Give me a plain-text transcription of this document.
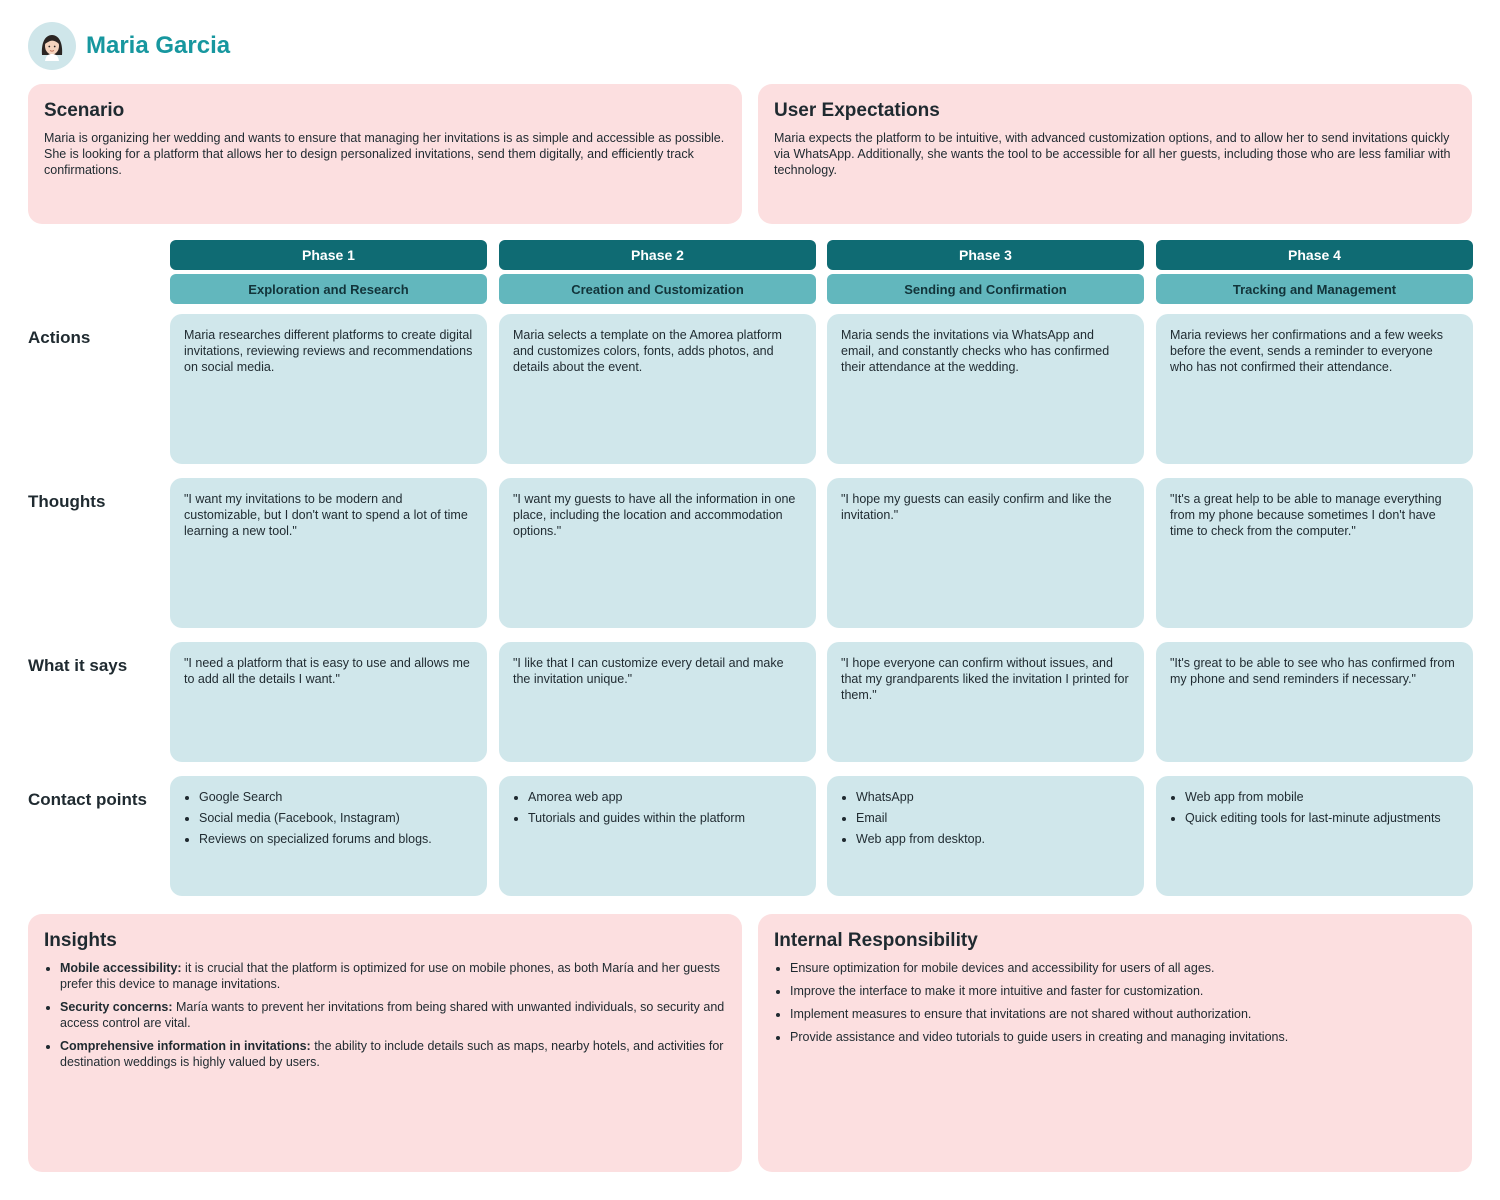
Maria Garcia
Scenario

Maria is organizing her wedding and wants to ensure that managing her invitations is as simple and accessible as possible. She is looking for a platform that allows her to design personalized invitations, send them digitally, and efficiently track confirmations.

User Expectations

Maria expects the platform to be intuitive, with advanced customization options, and to allow her to send invitations quickly via WhatsApp. Additionally, she wants the tool to be accessible for all her guests, including those who are less familiar with technology.

Phase 1	Phase 2	Phase 3	Phase 4
Exploration and Research	Creation and Customization	Sending and Confirmation	Tracking and Management
Actions	Maria researches different platforms to create digital invitations, reviewing reviews and recommendations on social media.
Maria selects a template on the Amorea platform and customizes colors, fonts, adds photos, and details about the event.
Maria sends the invitations via WhatsApp and email, and constantly checks who has confirmed their attendance at the wedding.
Maria reviews her confirmations and a few weeks before the event, sends a reminder to everyone who has not confirmed their attendance.
Thoughts	"I want my invitations to be modern and customizable, but I don't want to spend a lot of time learning a new tool."
"I want my guests to have all the information in one place, including the location and accommodation options."
"I hope my guests can easily confirm and like the invitation."
"It's a great help to be able to manage everything from my phone because sometimes I don't have time to check from the computer."
What it says	"I need a platform that is easy to use and allows me to add all the details I want."
"I like that I can customize every detail and make the invitation unique."
"I hope everyone can confirm without issues, and that my grandparents liked the invitation I printed for them."
"It's great to be able to see who has confirmed from my phone and send reminders if necessary."
Contact points
•	Google Search
• Social media (Facebook, Instagram)
• Reviews on specialized forums and blogs.
• Amorea web app
• Tutorials and guides within the platform
• WhatsApp
• Email
• Web app from desktop.
• Web app from mobile
• Quick editing tools for last-minute adjustments
Insights
• Mobile accessibility: it is crucial that the platform is optimized for use on mobile phones, as both María and her guests prefer this device to manage invitations.
• Security concerns: María wants to prevent her invitations from being shared with unwanted individuals, so security and access control are vital.
• Comprehensive information in invitations: the ability to include details such as maps, nearby hotels, and activities for destination weddings is highly valued by users.
Internal Responsibility
• Ensure optimization for mobile devices and accessibility for users of all ages.
• Improve the interface to make it more intuitive and faster for customization.
• Implement measures to ensure that invitations are not shared without authorization.
• Provide assistance and video tutorials to guide users in creating and managing invitations.
